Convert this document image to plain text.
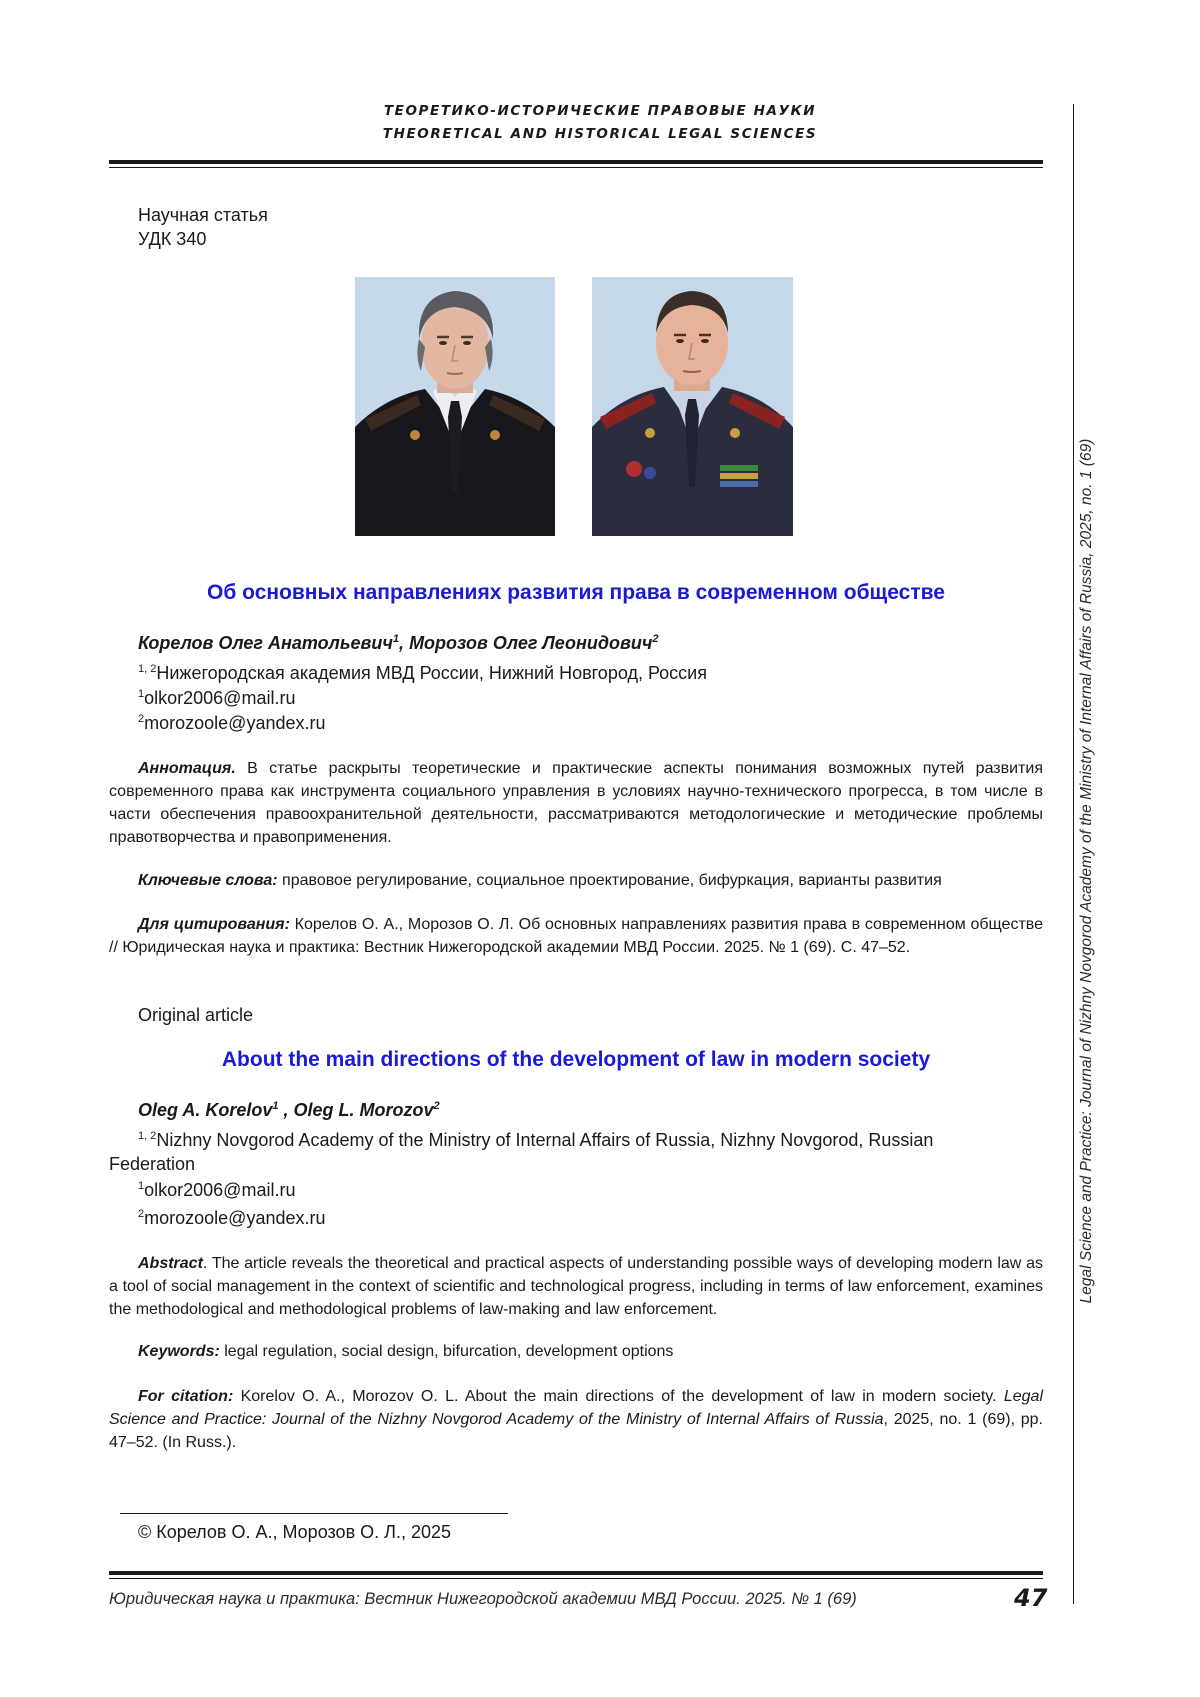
ТЕОРЕТИКО-ИСТОРИЧЕСКИЕ ПРАВОВЫЕ НАУКИ
THEORETICAL AND HISTORICAL LEGAL SCIENCES
Legal Science and Practice: Journal of Nizhny Novgorod Academy of the Ministry of Internal Affairs of Russia, 2025, no. 1 (69)
Научная статья
УДК 340
Об основных направлениях развития права в современном обществе
Корелов Олег Анатольевич$^1$, Морозов Олег Леонидович$^2$
$^{1, 2}$Нижегородская академия МВД России, Нижний Новгород, Россия
$^1$olkor2006@mail.ru
$^2$morozoole@yandex.ru
Аннотация. В статье раскрыты теоретические и практические аспекты понимания возможных путей развития современного права как инструмента социального управления в условиях научно-технического прогресса, в том числе в части обеспечения правоохранительной деятельности, рассматриваются методологические и методические проблемы правотворчества и правоприменения.
Ключевые слова: правовое регулирование, социальное проектирование, бифуркация, варианты развития
Для цитирования: Корелов О. А., Морозов О. Л. Об основных направлениях развития права в современном обществе // Юридическая наука и практика: Вестник Нижегородской академии МВД России. 2025. № 1 (69). С. 47–52.
Original article
About the main directions of the development of law in modern society
Oleg A. Korelov$^1$ , Oleg L. Morozov$^2$
$^{1, 2}$Nizhny Novgorod Academy of the Ministry of Internal Affairs of Russia, Nizhny Novgorod, Russian
Federation
$^1$olkor2006@mail.ru
$^2$morozoole@yandex.ru
Abstract. The article reveals the theoretical and practical aspects of understanding possible ways of developing modern law as a tool of social management in the context of scientific and technological progress, including in terms of law enforcement, examines the methodological and methodological problems of law-making and law enforcement.
Keywords: legal regulation, social design, bifurcation, development options
For citation: Korelov O. A., Morozov O. L. About the main directions of the development of law in modern society. Legal Science and Practice: Journal of the Nizhny Novgorod Academy of the Ministry of Internal Affairs of Russia, 2025, no. 1 (69), pp. 47–52. (In Russ.).
© Корелов О. А., Морозов О. Л., 2025
Юридическая наука и практика: Вестник Нижегородской академии МВД России. 2025. № 1 (69)	47
